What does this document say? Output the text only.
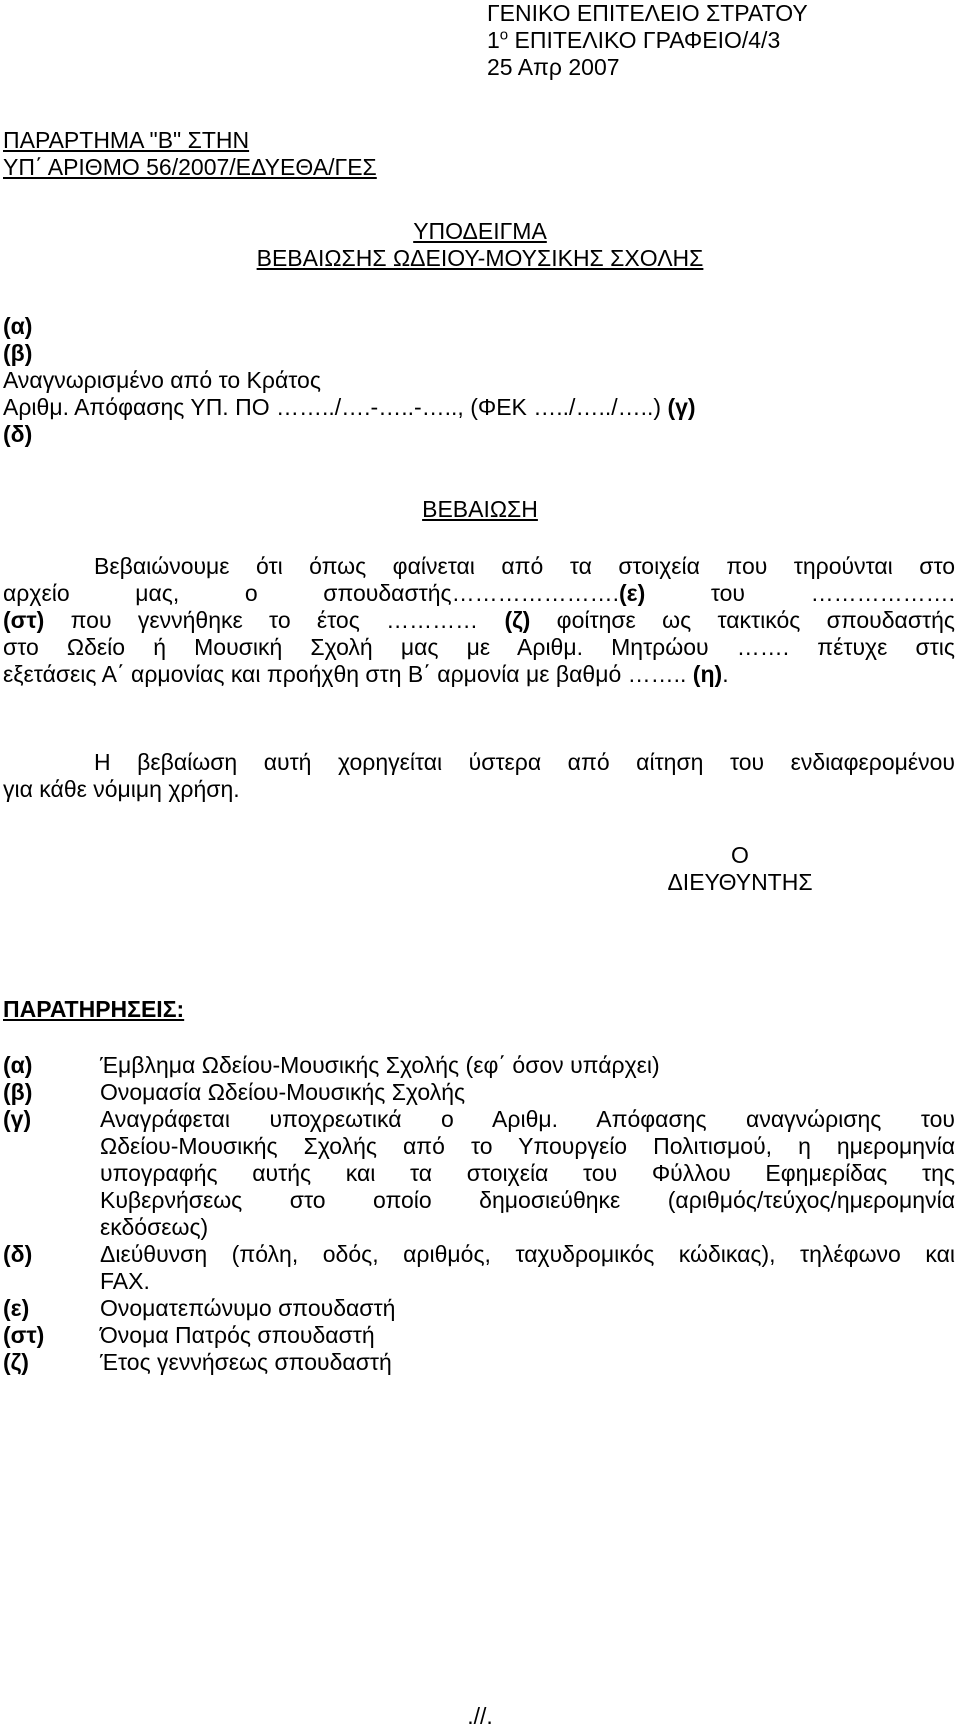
ΓΕΝΙΚΟ ΕΠΙΤΕΛΕΙΟ ΣΤΡΑΤΟΥ
$1^o$ ΕΠΙΤΕΛΙΚΟ ΓΡΑΦΕΙΟ/4/3
25 Απρ 2007
ΠΑΡΑΡΤΗΜΑ "Β" ΣΤΗΝ
ΥΠ΄ ΑΡΙΘΜΟ 56/2007/ΕΔΥΕΘΑ/ΓΕΣ
ΥΠΟΔΕΙΓΜΑ
ΒΕΒΑΙΩΣΗΣ ΩΔΕΙΟΥ-ΜΟΥΣΙΚΗΣ ΣΧΟΛΗΣ
(α)
(β)
Αναγνωρισμένο από το Κράτος
Αριθμ. Απόφασης ΥΠ. ΠΟ ……../….-…..-….., (ΦΕΚ …../…../…..) (γ)
(δ)
ΒΕΒΑΙΩΣΗ
Βεβαιώνουμε ότι όπως φαίνεται από τα στοιχεία που τηρούνται στο
αρχείο μας, ο σπουδαστής………………….(ε) του ……………….
(στ) που γεννήθηκε το έτος ………… (ζ) φοίτησε ως τακτικός σπουδαστής
στο Ωδείο ή Μουσική Σχολή μας με Αριθμ. Μητρώου ……. πέτυχε στις
εξετάσεις Α΄ αρμονίας και προήχθη στη Β΄ αρμονία με βαθμό …….. (η).
Η βεβαίωση αυτή χορηγείται ύστερα από αίτηση του ενδιαφερομένου
για κάθε νόμιμη χρήση.
Ο
ΔΙΕΥΘΥΝΤΗΣ
ΠΑΡΑΤΗΡΗΣΕΙΣ:
(α)	Έμβλημα Ωδείου-Μουσικής Σχολής (εφ΄ όσον υπάρχει)
(β)	Ονομασία Ωδείου-Μουσικής Σχολής
(γ)	Αναγράφεται υποχρεωτικά ο Αριθμ. Απόφασης αναγνώρισης του
Ωδείου-Μουσικής Σχολής από το Υπουργείο Πολιτισμού, η ημερομηνία
υπογραφής αυτής και τα στοιχεία του Φύλλου Εφημερίδας της
Κυβερνήσεως στο οποίο δημοσιεύθηκε (αριθμός/τεύχος/ημερομηνία
εκδόσεως)
(δ)	Διεύθυνση (πόλη, οδός, αριθμός, ταχυδρομικός κώδικας), τηλέφωνο και
FAX.
(ε)	Ονοματεπώνυμο σπουδαστή
(στ)	Όνομα Πατρός σπουδαστή
(ζ)	Έτος γεννήσεως σπουδαστή
.//.
